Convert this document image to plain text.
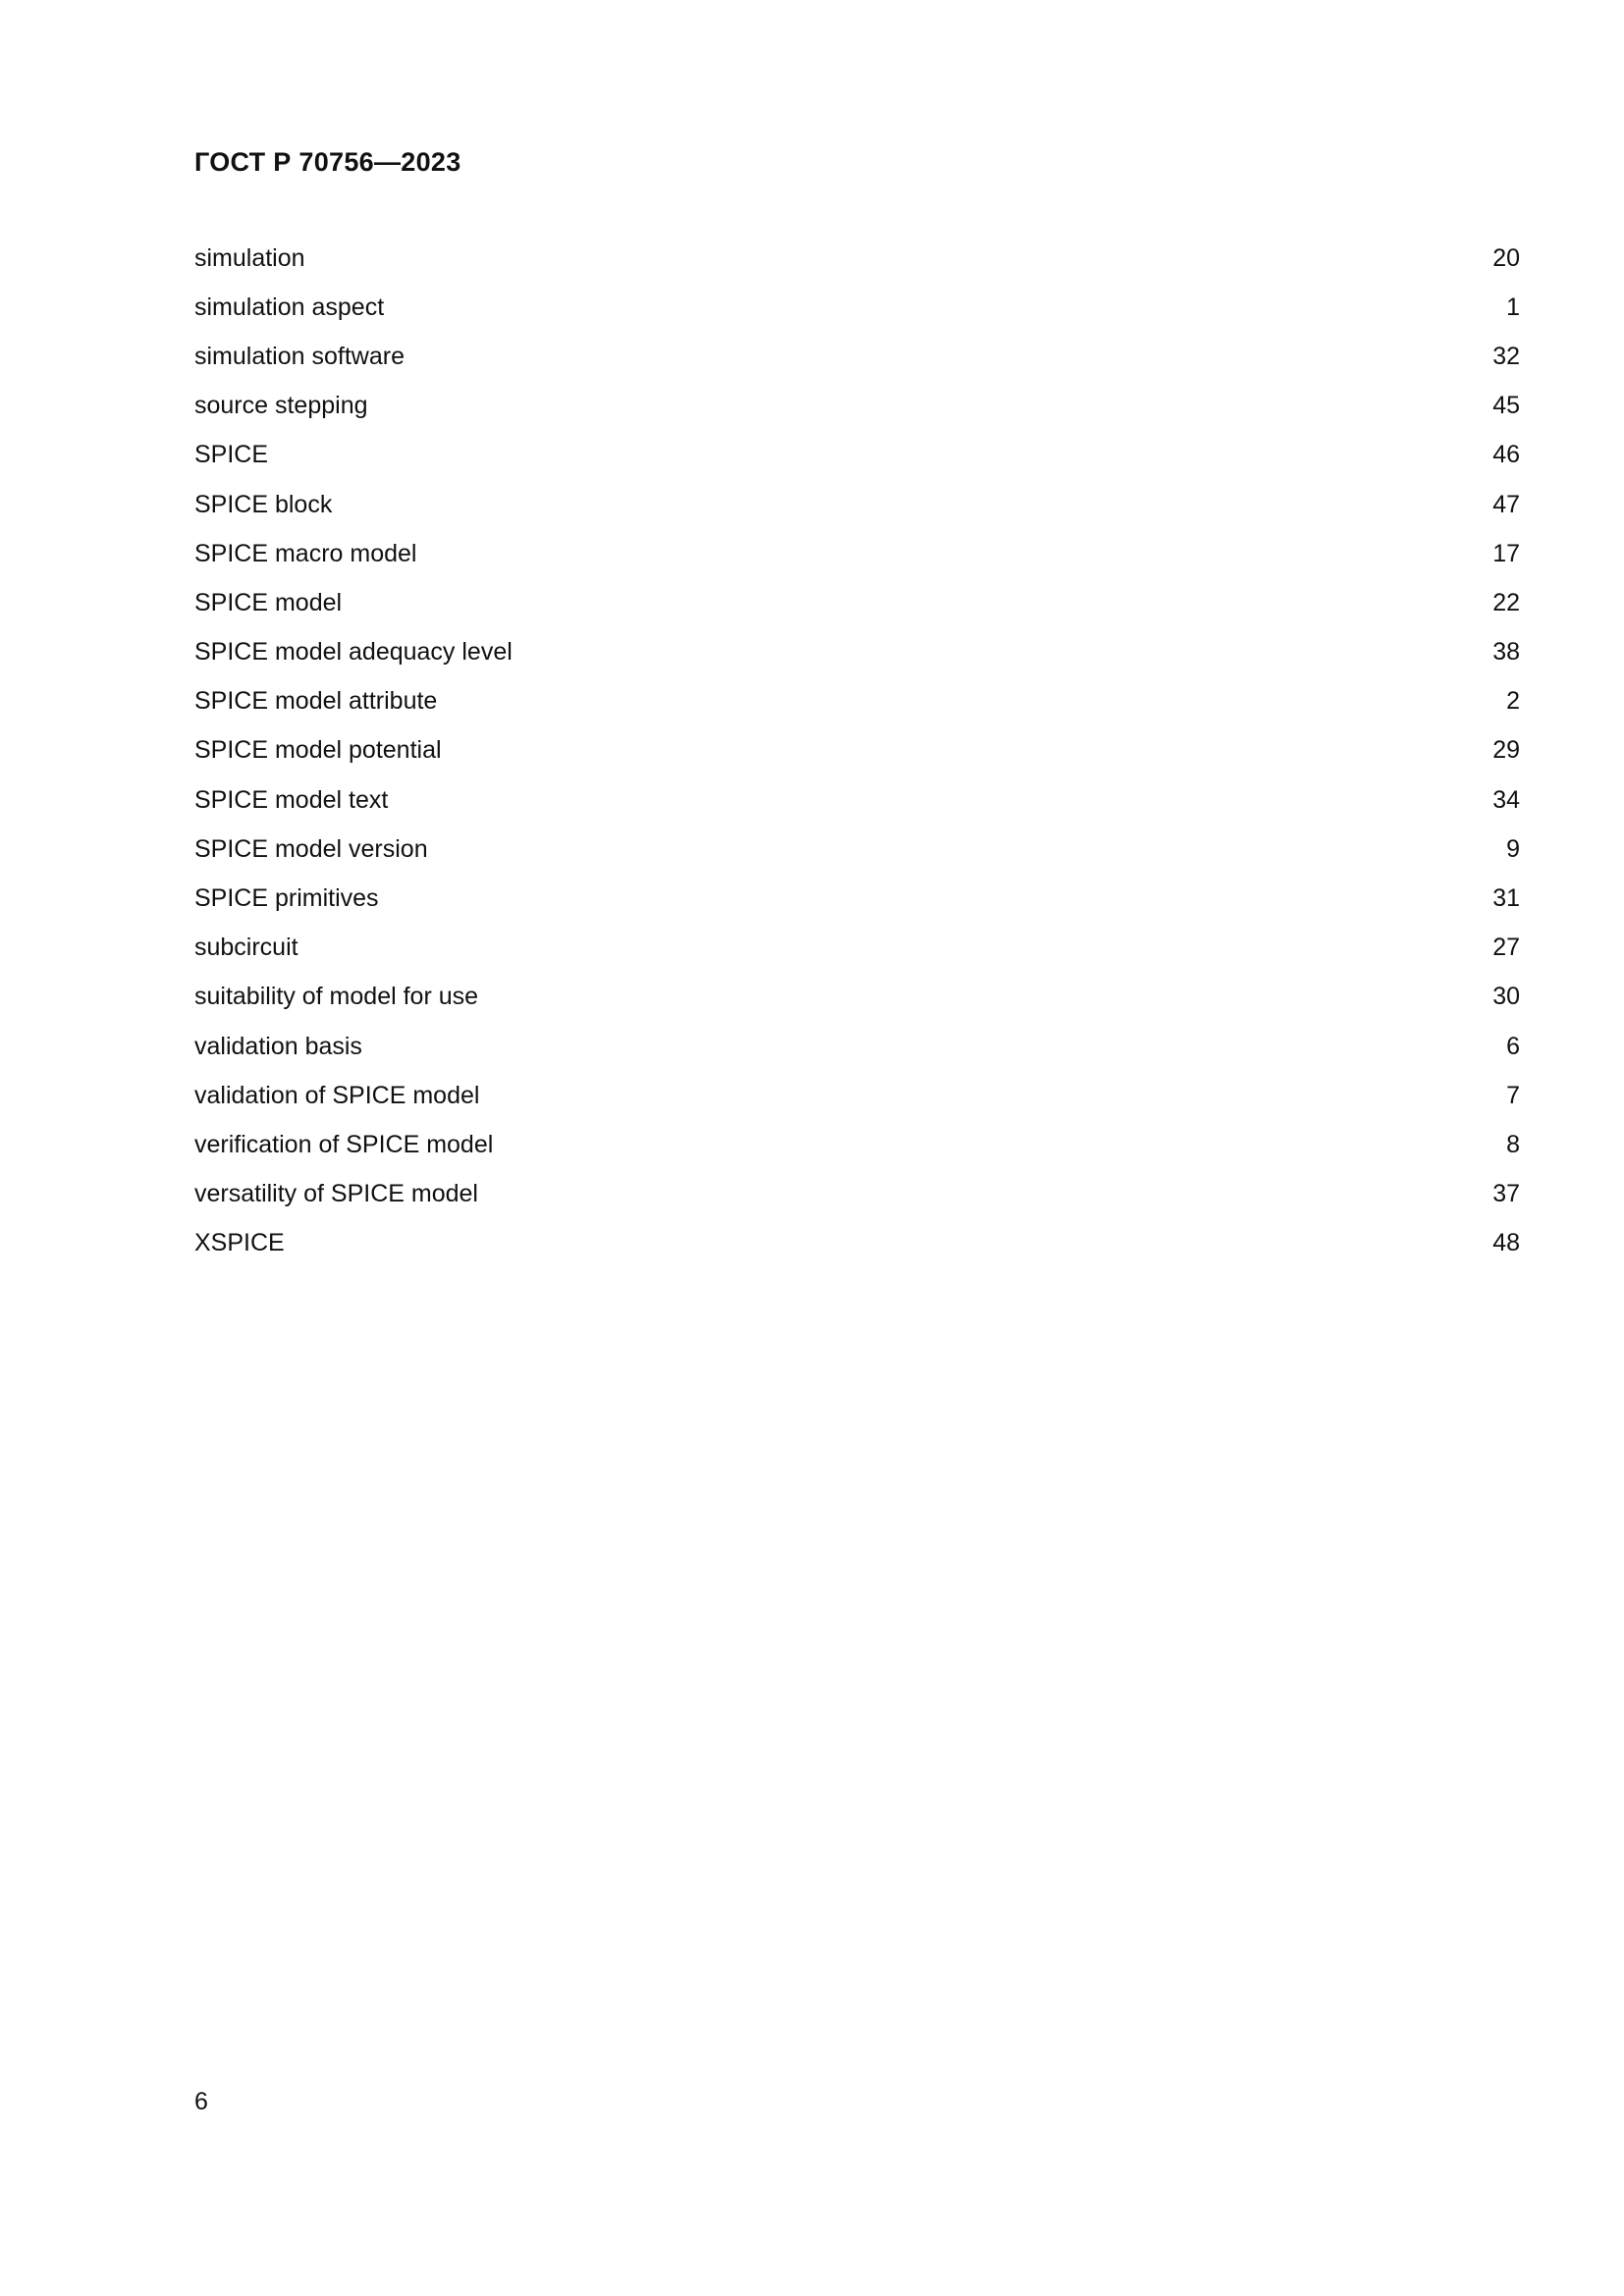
ГОСТ Р 70756—2023
simulation	20
simulation aspect	1
simulation software	32
source stepping	45
SPICE	46
SPICE block	47
SPICE macro model	17
SPICE model	22
SPICE model adequacy level	38
SPICE model attribute	2
SPICE model potential	29
SPICE model text	34
SPICE model version	9
SPICE primitives	31
subcircuit	27
suitability of model for use	30
validation basis	6
validation of SPICE model	7
verification of SPICE model	8
versatility of SPICE model	37
XSPICE	48
6
